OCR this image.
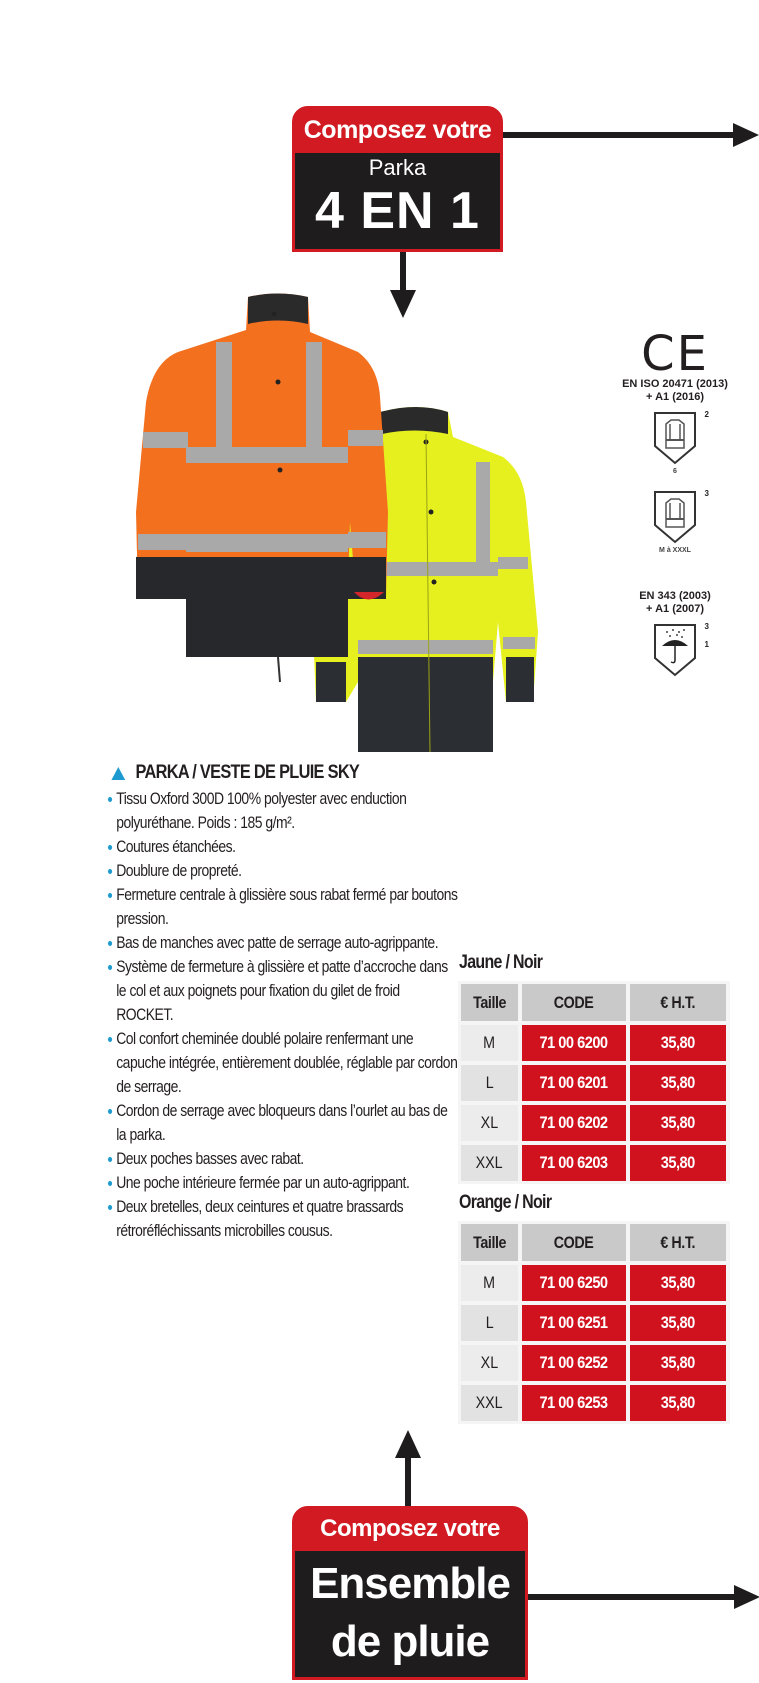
Composez votre
Parka
4 EN 1
CE
EN ISO 20471 (2013)
+ A1 (2016)
2
6
3
M à XXXL
EN 343 (2003)
+ A1 (2007)
3
1
PARKA / VESTE DE PLUIE SKY
Tissu Oxford 300D 100% polyester avec enduction polyuréthane. Poids : 185 g/m².
Coutures étanchées.
Doublure de propreté.
Fermeture centrale à glissière sous rabat fermé par boutons pression.
Bas de manches avec patte de serrage auto-agrippante.
Système de fermeture à glissière et patte d’accroche dans le col et aux poignets pour fixation du gilet de froid ROCKET.
Col confort cheminée doublé polaire renfermant une capuche intégrée, entièrement doublée, réglable par cordon de serrage.
Cordon de serrage avec bloqueurs dans l’ourlet au bas de la parka.
Deux poches basses avec rabat.
Une poche intérieure fermée par un auto-agrippant.
Deux bretelles, deux ceintures et quatre brassards rétroréfléchissants microbilles cousus.
Jaune / Noir
Taille	CODE	€ H.T.
M	71 00 6200	35,80
L	71 00 6201	35,80
XL 71 00 6202	35,80
XXL 71 00 6203	35,80
Orange / Noir
Taille	CODE	€ H.T.
M	71 00 6250	35,80
L	71 00 6251	35,80
XL 71 00 6252	35,80
XXL 71 00 6253	35,80
Composez votre
Ensemble
de pluie
